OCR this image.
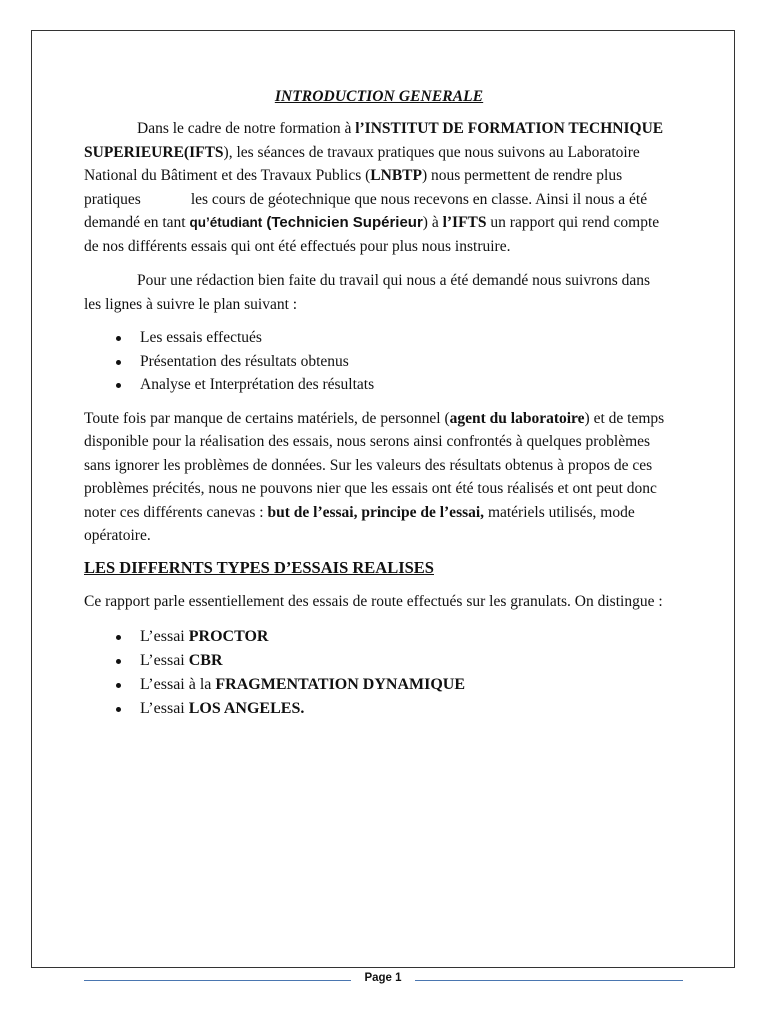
INTRODUCTION GENERALE

Dans le cadre de notre formation à l’INSTITUT DE FORMATION TECHNIQUE SUPERIEURE(IFTS), les séances de travaux pratiques que nous suivons au Laboratoire National du Bâtiment et des Travaux Publics (LNBTP) nous permettent de rendre plus pratiques	les cours de géotechnique que nous recevons en classe. Ainsi il nous a été demandé en tant qu’étudiant (Technicien Supérieur) à l’IFTS un rapport qui rend compte de nos différents essais qui ont été effectués pour plus nous instruire.

Pour une rédaction bien faite du travail qui nous a été demandé nous suivrons dansles lignes à suivre le plan suivant :

Les essais effectués
Présentation des résultats obtenus
Analyse et Interprétation des résultats

Toute fois par manque de certains matériels, de personnel (agent du laboratoire) et de temps disponible pour la réalisation des essais, nous serons ainsi confrontés à quelques problèmes sans ignorer les problèmes de données. Sur les valeurs des résultats obtenus à propos de ces problèmes précités, nous ne pouvons nier que les essais ont été tous réalisés et ont peut donc noter ces différents canevas : but de l’essai, principe de l’essai, matériels utilisés, mode opératoire.

LES DIFFERNTS TYPES D’ESSAIS REALISES

Ce rapport parle essentiellement des essais de route effectués sur les granulats. On distingue :

L’essai PROCTOR
L’essai CBR
L’essai à la FRAGMENTATION DYNAMIQUE
L’essai LOS ANGELES.
Page 1
